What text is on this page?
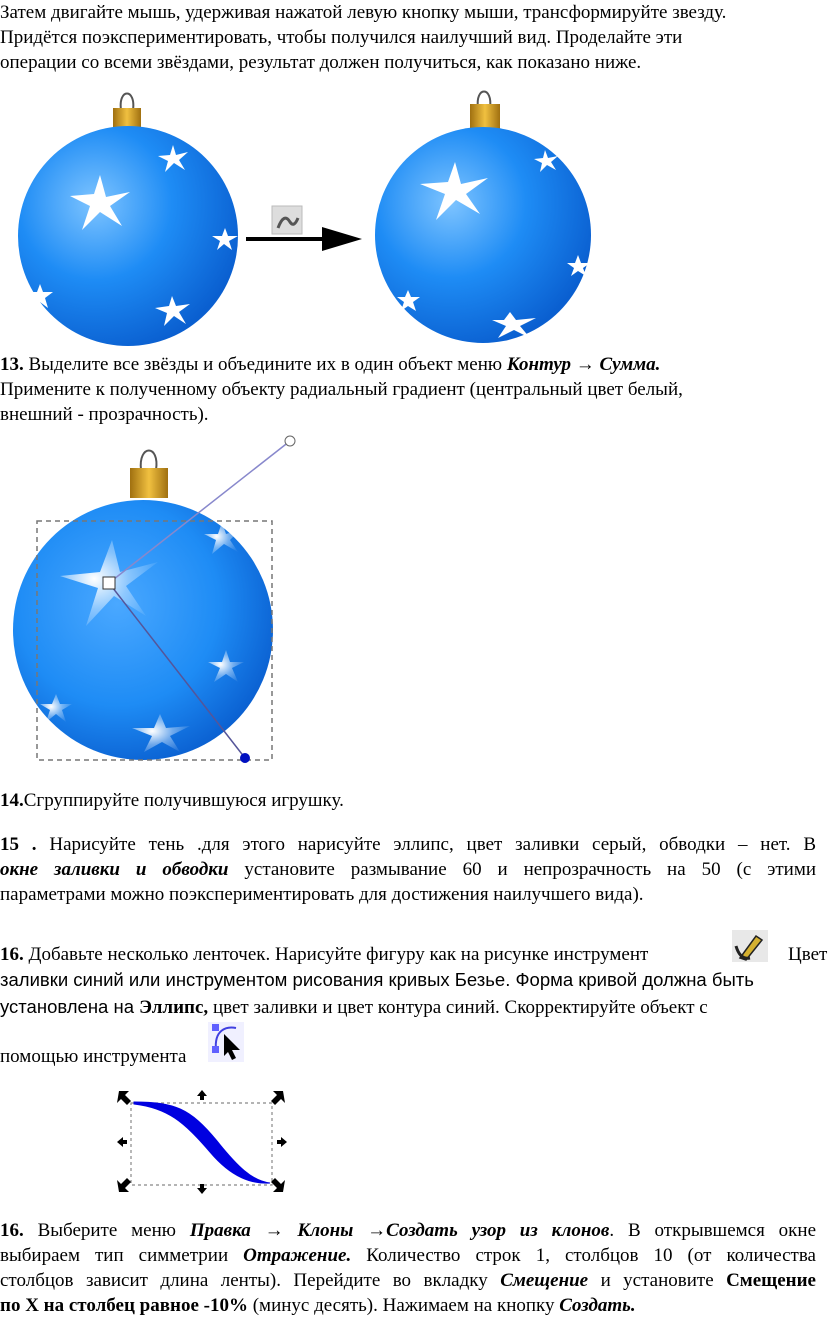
Затем двигайте мышь, удерживая нажатой левую кнопку мыши, трансформируйте звезду.
Придётся поэкспериментировать, чтобы получился наилучший вид. Проделайте эти
операции со всеми звёздами, результат должен получиться, как показано ниже.
13. Выделите все звёзды и объедините их в один объект меню Контур → Сумма.
Примените к полученному объекту радиальный градиент (центральный цвет белый,
внешний - прозрачность).
14.Сгруппируйте получившуюся игрушку.
15 . Нарисуйте тень .для этого нарисуйте эллипс, цвет заливки серый, обводки – нет. В
окне заливки и обводки установите размывание 60 и непрозрачность на 50 (с этими
параметрами можно поэкспериментировать для достижения наилучшего вида).
16. Добавьте несколько ленточек. Нарисуйте фигуру как на рисунке инструмент	Цвет
заливки синий или инструментом рисования кривых Безье. Форма кривой должна быть
установлена на Эллипс, цвет заливки и цвет контура синий. Скорректируйте объект с
помощью инструмента
16. Выберите меню Правка → Клоны →Создать узор из клонов. В открывшемся окне
выбираем тип симметрии Отражение. Количество строк 1, столбцов 10 (от количества
столбцов зависит длина ленты). Перейдите во вкладку Смещение и установите Смещение
по Х на столбец равное -10% (минус десять). Нажимаем на кнопку Создать.
